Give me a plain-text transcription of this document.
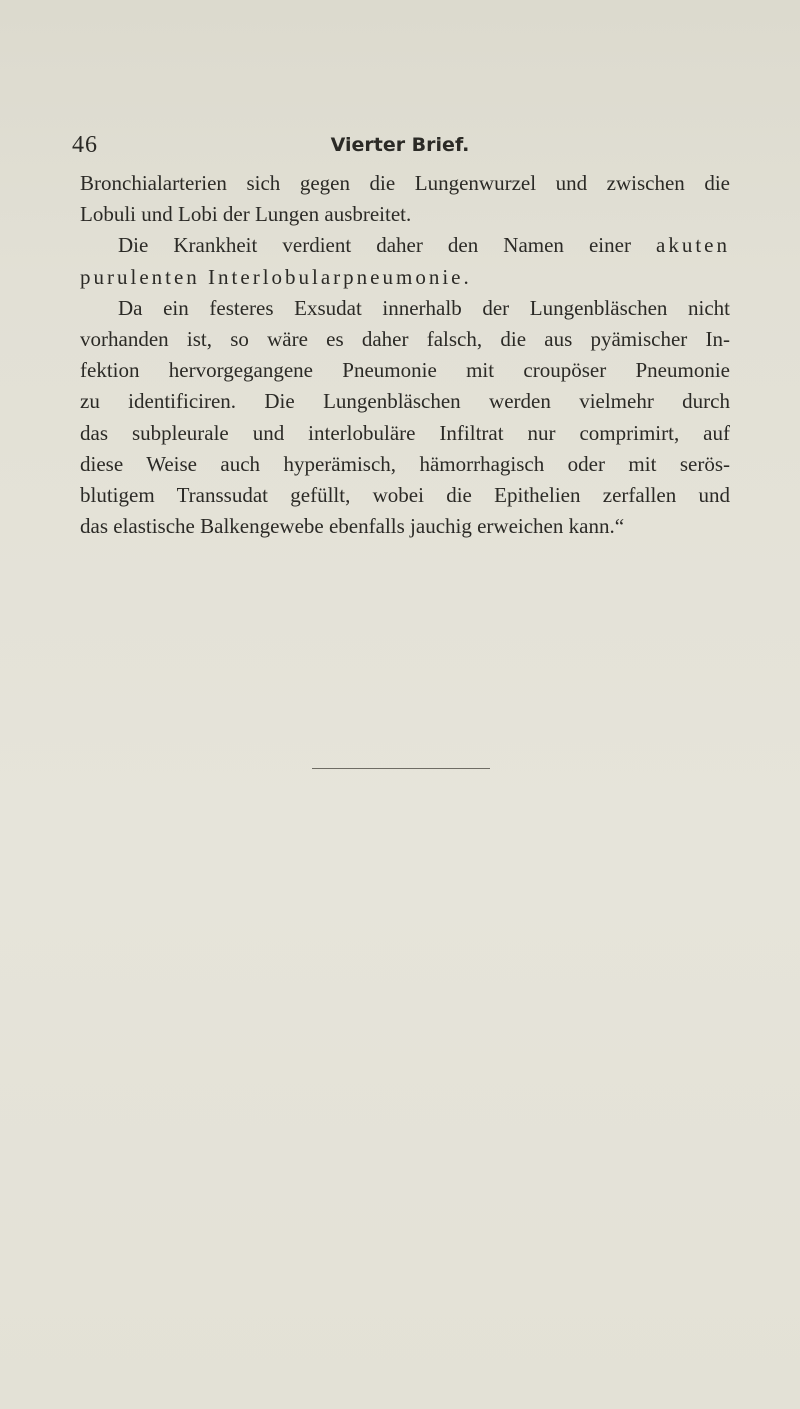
46	Vierter Brief.
Bronchialarterien sich gegen die Lungenwurzel und zwischen die
Lobuli und Lobi der Lungen ausbreitet.
Die Krankheit verdient daher den Namen einer akuten
purulenten Interlobularpneumonie.
Da ein festeres Exsudat innerhalb der Lungenbläschen nicht
vorhanden ist, so wäre es daher falsch, die aus pyämischer In-
fektion hervorgegangene Pneumonie mit croupöser Pneumonie
zu identificiren. Die Lungenbläschen werden vielmehr durch
das subpleurale und interlobuläre Infiltrat nur comprimirt, auf
diese Weise auch hyperämisch, hämorrhagisch oder mit serös-
blutigem Transsudat gefüllt, wobei die Epithelien zerfallen und
das elastische Balkengewebe ebenfalls jauchig erweichen kann.“
